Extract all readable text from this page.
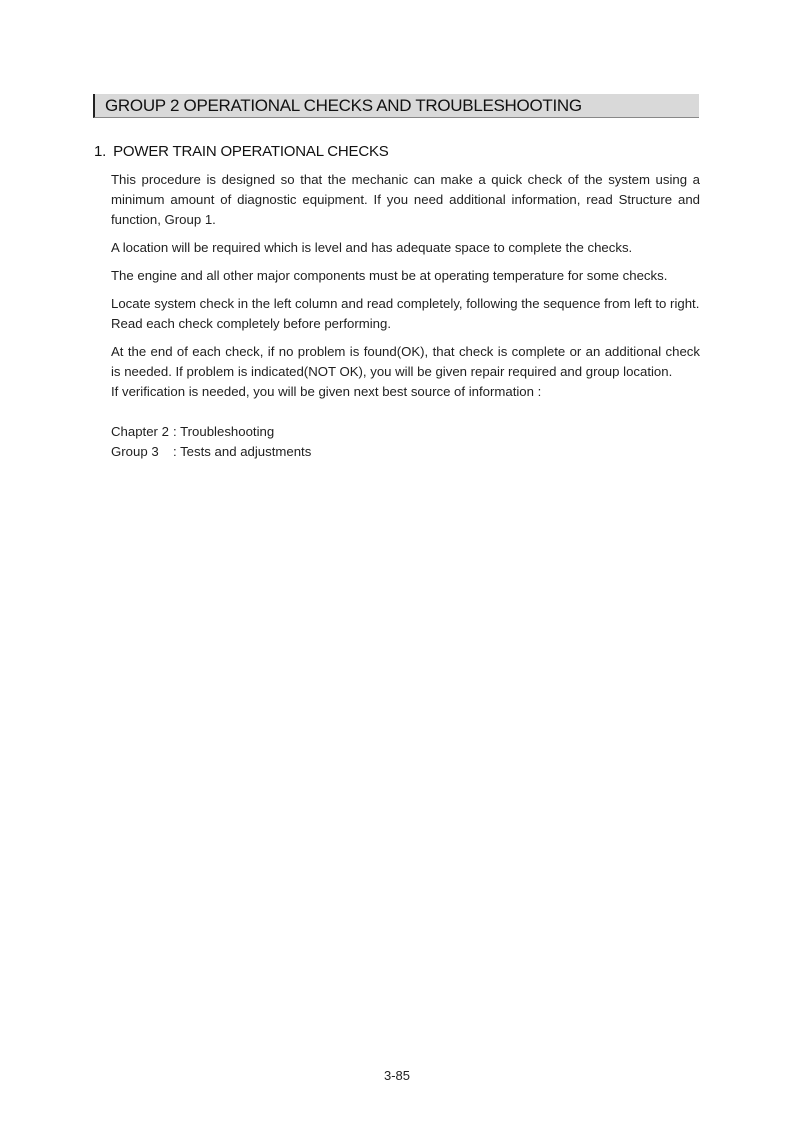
GROUP 2 OPERATIONAL CHECKS AND TROUBLESHOOTING
1. POWER TRAIN OPERATIONAL CHECKS

This procedure is designed so that the mechanic can make a quick check of the system using a minimum amount of diagnostic equipment. If you need additional information, read Structure and function, Group 1.

A location will be required which is level and has adequate space to complete the checks.

The engine and all other major components must be at operating temperature for some checks.

Locate system check in the left column and read completely, following the sequence from left to right.
Read each check completely before performing.
At the end of each check, if no problem is found(OK), that check is complete or an additional check is needed. If problem is indicated(NOT OK), you will be given repair required and group location.
If verification is needed, you will be given next best source of information :
Chapter 2 : Troubleshooting
Group 3	: Tests and adjustments
3-85
